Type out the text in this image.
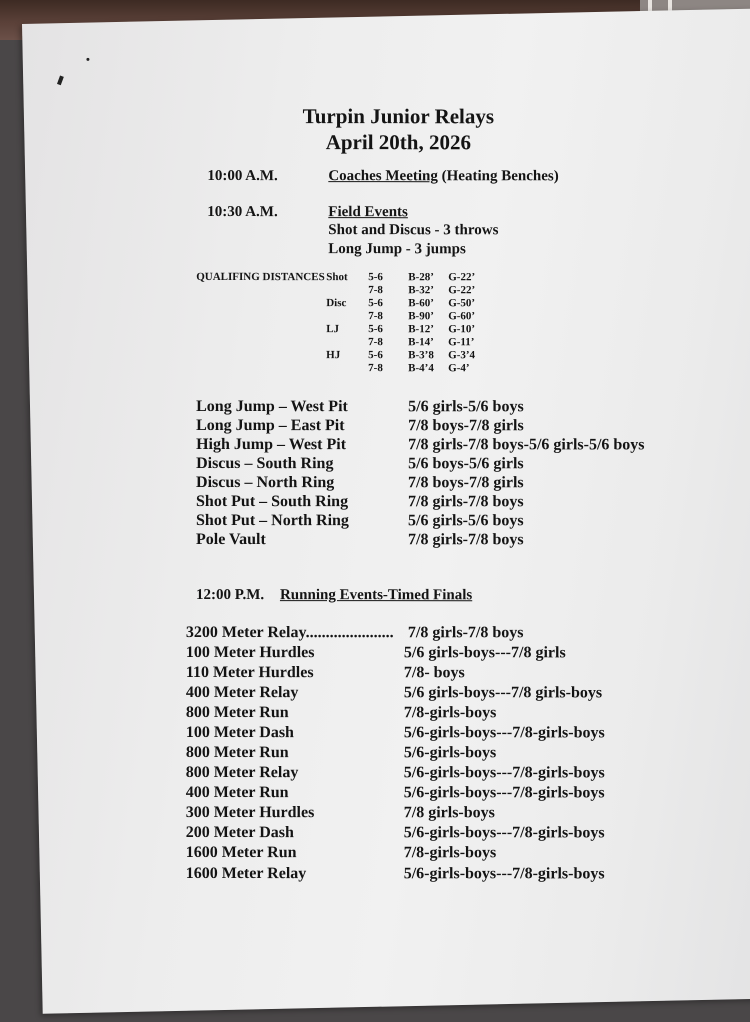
Turpin Junior Relays
April 20th, 2026
10:00 A.M.	Coaches Meeting (Heating Benches)
10:30 A.M.	Field Events
Shot and Discus - 3 throws
Long Jump - 3 jumps
QUALIFING DISTANCES Shot 5-6 B-28’ G-22’
7-8 B-32’ G-22’
Disc 5-6 B-60’ G-50’
7-8 B-90’ G-60’
LJ	5-6 B-12’ G-10’
7-8 B-14’ G-11’
HJ	5-6 B-3’8 G-3’4
7-8 B-4’4 G-4’
Long Jump – West Pit	5/6 girls-5/6 boys
Long Jump – East Pit	7/8 boys-7/8 girls
High Jump – West Pit	7/8 girls-7/8 boys-5/6 girls-5/6 boys
Discus – South Ring	5/6 boys-5/6 girls
Discus – North Ring	7/8 boys-7/8 girls
Shot Put – South Ring	7/8 girls-7/8 boys
Shot Put – North Ring	5/6 girls-5/6 boys
Pole Vault	7/8 girls-7/8 boys
12:00 P.M. Running Events-Timed Finals
3200 Meter Relay...................... 7/8 girls-7/8 boys
100 Meter Hurdles	5/6 girls-boys---7/8 girls
110 Meter Hurdles	7/8- boys
400 Meter Relay	5/6 girls-boys---7/8 girls-boys
800 Meter Run	7/8-girls-boys
100 Meter Dash	5/6-girls-boys---7/8-girls-boys
800 Meter Run	5/6-girls-boys
800 Meter Relay	5/6-girls-boys---7/8-girls-boys
400 Meter Run	5/6-girls-boys---7/8-girls-boys
300 Meter Hurdles	7/8 girls-boys
200 Meter Dash	5/6-girls-boys---7/8-girls-boys
1600 Meter Run	7/8-girls-boys
1600 Meter Relay	5/6-girls-boys---7/8-girls-boys
